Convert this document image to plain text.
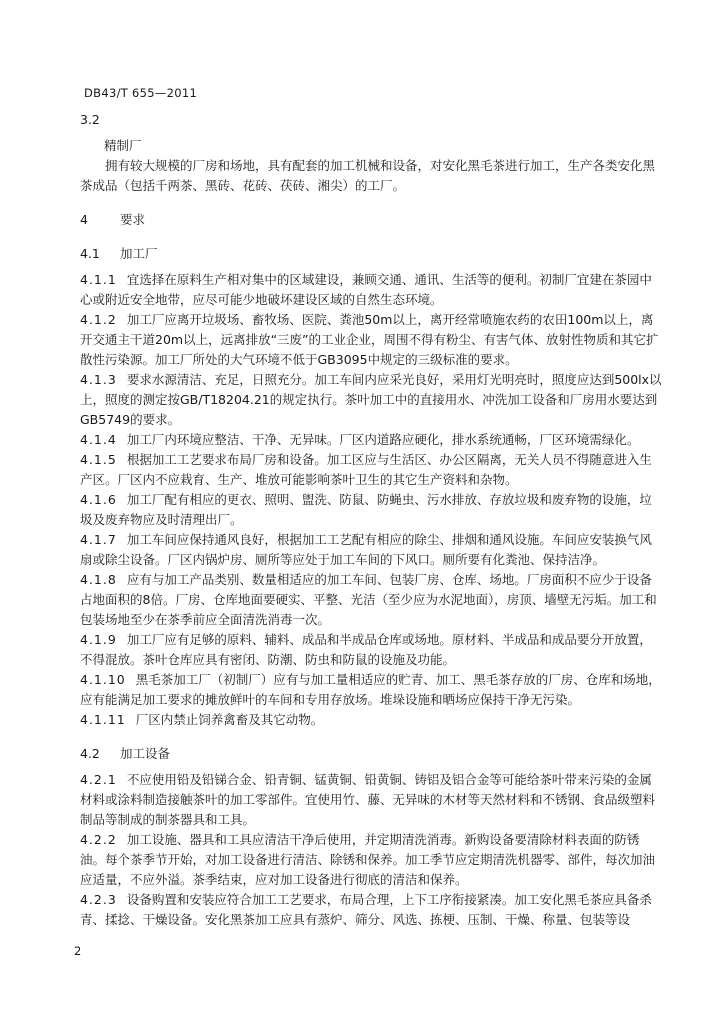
DB43/T 655—2011

3.2

精制厂

拥有较大规模的厂房和场地，具有配套的加工机械和设备，对安化黑毛茶进行加工，生产各类安化黑茶成品（包括千两茶、黑砖、花砖、茯砖、湘尖）的工厂。

4	要求

4.1 加工厂

4.1.1 宜选择在原料生产相对集中的区域建设，兼顾交通、通讯、生活等的便利。初制厂宜建在茶园中心或附近安全地带，应尽可能少地破坏建设区域的自然生态环境。

4.1.2 加工厂应离开垃圾场、畜牧场、医院、粪池50m以上，离开经常喷施农药的农田100m以上，离开交通主干道20m以上，远离排放“三废”的工业企业，周围不得有粉尘、有害气体、放射性物质和其它扩散性污染源。加工厂所处的大气环境不低于GB3095中规定的三级标准的要求。

4.1.3 要求水源清洁、充足，日照充分。加工车间内应采光良好，采用灯光明亮时，照度应达到500lx以上，照度的测定按GB/T18204.21的规定执行。茶叶加工中的直接用水、冲洗加工设备和厂房用水要达到GB5749的要求。

4.1.4 加工厂内环境应整洁、干净、无异味。厂区内道路应硬化，排水系统通畅，厂区环境需绿化。

4.1.5 根据加工工艺要求布局厂房和设备。加工区应与生活区、办公区隔离，无关人员不得随意进入生产区。厂区内不应栽育、生产、堆放可能影响茶叶卫生的其它生产资料和杂物。

4.1.6 加工厂配有相应的更衣、照明、盥洗、防鼠、防蝇虫、污水排放、存放垃圾和废弃物的设施，垃圾及废弃物应及时清理出厂。

4.1.7 加工车间应保持通风良好，根据加工工艺配有相应的除尘、排烟和通风设施。车间应安装换气风扇或除尘设备。厂区内锅炉房、厕所等应处于加工车间的下风口。厕所要有化粪池、保持洁净。

4.1.8 应有与加工产品类别、数量相适应的加工车间、包装厂房、仓库、场地。厂房面积不应少于设备占地面积的8倍。厂房、仓库地面要硬实、平整、光洁（至少应为水泥地面），房顶、墙壁无污垢。加工和包装场地至少在茶季前应全面清洗消毒一次。

4.1.9 加工厂应有足够的原料、辅料、成品和半成品仓库或场地。原材料、半成品和成品要分开放置，不得混放。茶叶仓库应具有密闭、防潮、防虫和防鼠的设施及功能。

4.1.10 黑毛茶加工厂（初制厂）应有与加工量相适应的贮青、加工、黑毛茶存放的厂房、仓库和场地，应有能满足加工要求的摊放鲜叶的车间和专用存放场。堆垛设施和晒场应保持干净无污染。

4.1.11 厂区内禁止饲养禽畜及其它动物。

4.2 加工设备

4.2.1 不应使用铅及铅锑合金、铅青铜、锰黄铜、铅黄铜、铸铝及铝合金等可能给茶叶带来污染的金属材料或涂料制造接触茶叶的加工零部件。宜使用竹、藤、无异味的木材等天然材料和不锈钢、食品级塑料制品等制成的制茶器具和工具。

4.2.2 加工设施、器具和工具应清洁干净后使用，并定期清洗消毒。新购设备要清除材料表面的防锈油。每个茶季节开始，对加工设备进行清洁、除锈和保养。加工季节应定期清洗机器零、部件，每次加油应适量，不应外溢。茶季结束，应对加工设备进行彻底的清洁和保养。

4.2.3 设备购置和安装应符合加工工艺要求，布局合理，上下工序衔接紧凑。加工安化黑毛茶应具备杀青、揉捻、干燥设备。安化黑茶加工应具有蒸炉、筛分、风选、拣梗、压制、干燥、称量、包装等设

2
